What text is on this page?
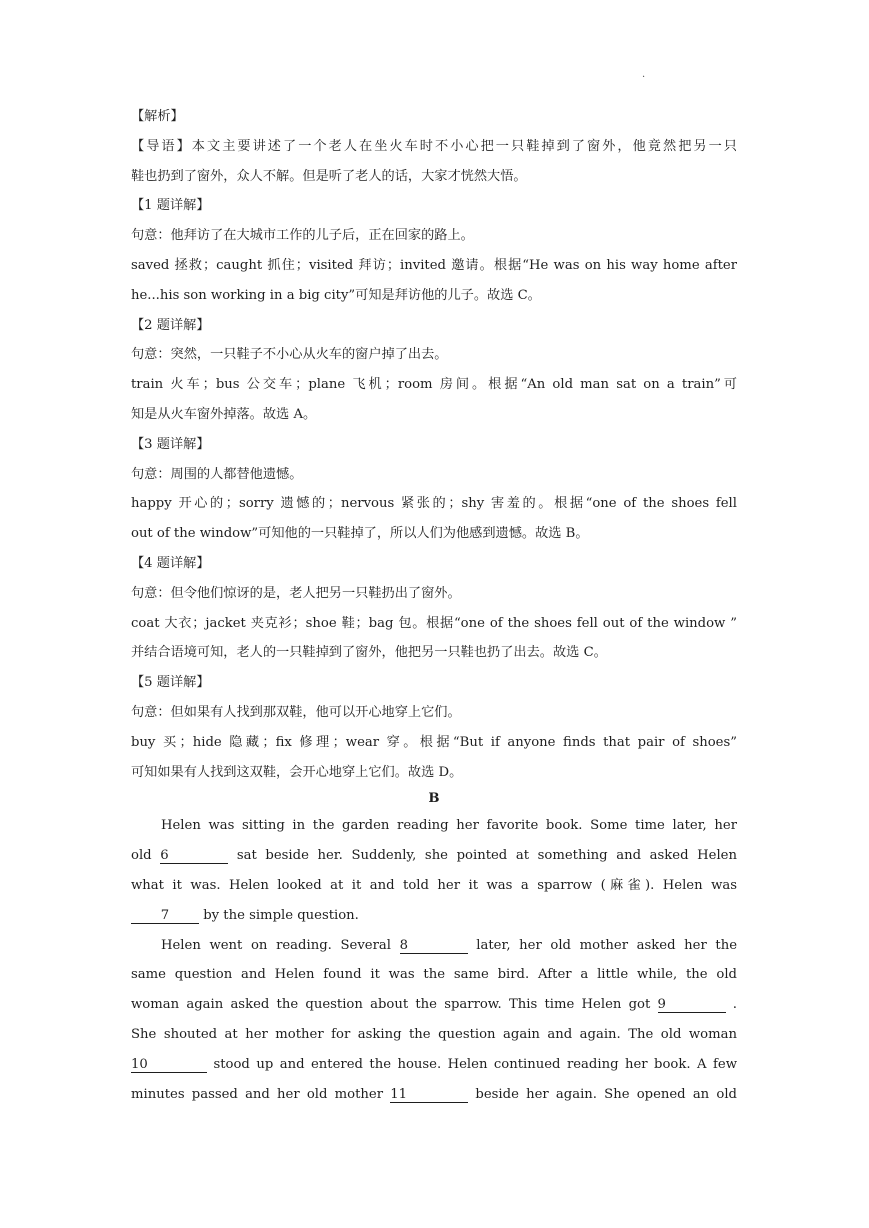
·
【解析】
【导语】本文主要讲述了一个老人在坐火车时不小心把一只鞋掉到了窗外，他竟然把另一只
鞋也扔到了窗外，众人不解。但是听了老人的话，大家才恍然大悟。
【1 题详解】
句意：他拜访了在大城市工作的儿子后，正在回家的路上。
saved 拯救；caught 抓住；visited 拜访；invited 邀请。根据“He was on his way home after
he...his son working in a big city”可知是拜访他的儿子。故选 C。
【2 题详解】
句意：突然，一只鞋子不小心从火车的窗户掉了出去。
train 火车；bus 公交车；plane 飞机；room 房间。根据“An old man sat on a train”可
知是从火车窗外掉落。故选 A。
【3 题详解】
句意：周围的人都替他遗憾。
happy 开心的；sorry 遗憾的；nervous 紧张的；shy 害羞的。根据“one of the shoes fell
out of the window”可知他的一只鞋掉了，所以人们为他感到遗憾。故选 B。
【4 题详解】
句意：但令他们惊讶的是，老人把另一只鞋扔出了窗外。
coat 大衣；jacket 夹克衫；shoe 鞋；bag 包。根据“one of the shoes fell out of the window ”
并结合语境可知，老人的一只鞋掉到了窗外，他把另一只鞋也扔了出去。故选 C。
【5 题详解】
句意：但如果有人找到那双鞋，他可以开心地穿上它们。
buy 买；hide 隐藏；fix 修理；wear 穿。根据“But if anyone finds that pair of shoes”
可知如果有人找到这双鞋，会开心地穿上它们。故选 D。
B
Helen was sitting in the garden reading her favorite book. Some time later, her
old 6	sat beside her. Suddenly, she pointed at something and asked Helen
what it was. Helen looked at it and told her it was a sparrow (麻雀). Helen was
7	by the simple question.
Helen went on reading. Several 8	later, her old mother asked her the
same question and Helen found it was the same bird. After a little while, the old
woman again asked the question about the sparrow. This time Helen got 9	.
She shouted at her mother for asking the question again and again. The old woman
10	stood up and entered the house. Helen continued reading her book. A few
minutes passed and her old mother 11	beside her again. She opened an old
